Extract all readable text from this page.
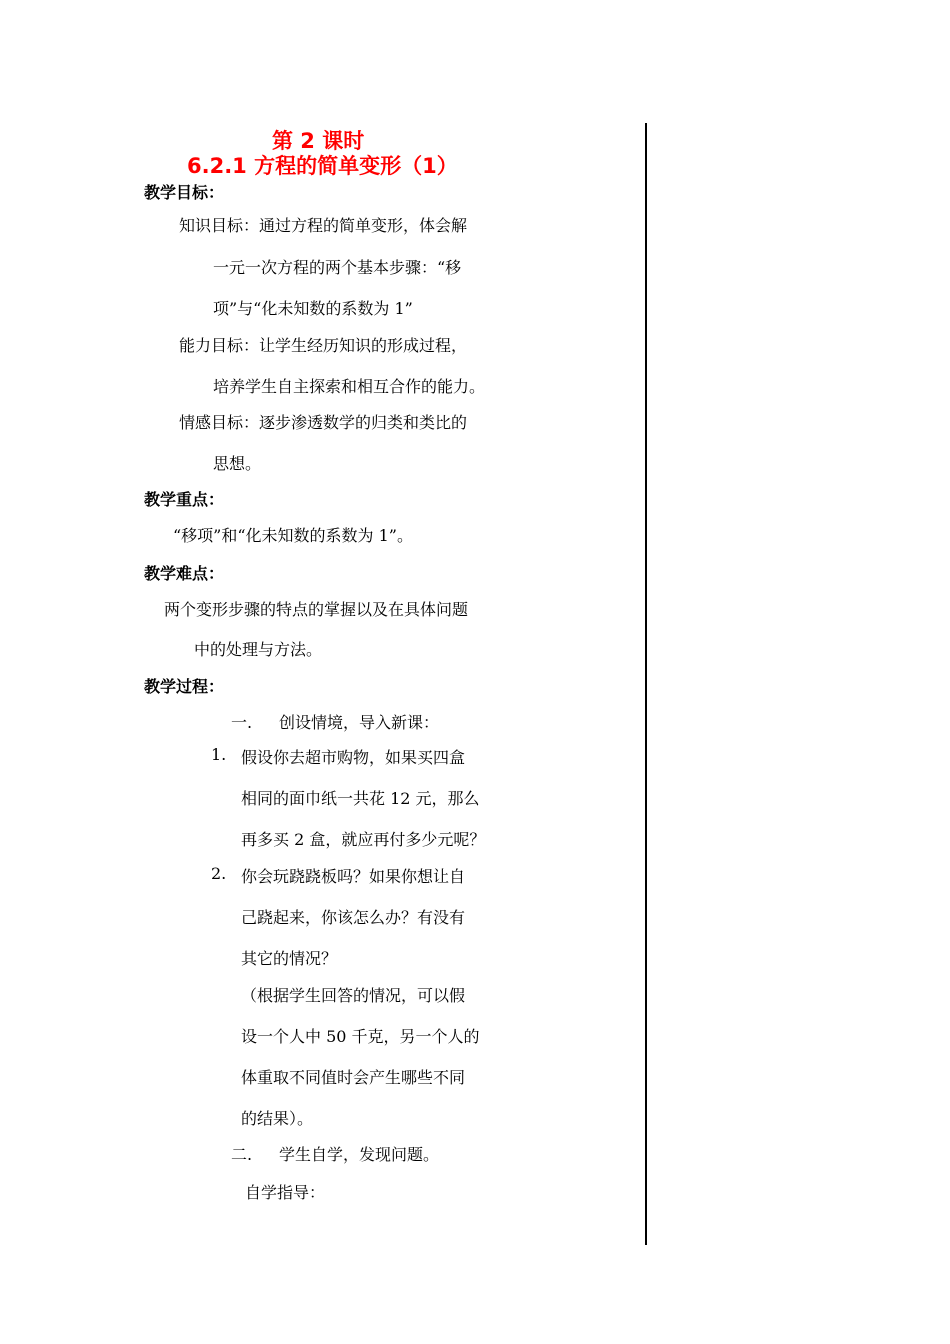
第 2 课时
6.2.1 方程的简单变形（1）
教学目标：
知识目标：通过方程的简单变形，体会解
一元一次方程的两个基本步骤：“移
项”与“化未知数的系数为 1”
能力目标：让学生经历知识的形成过程，
培养学生自主探索和相互合作的能力。
情感目标：逐步渗透数学的归类和类比的
思想。
教学重点：
“移项”和“化未知数的系数为 1”。
教学难点：
两个变形步骤的特点的掌握以及在具体问题
中的处理与方法。
教学过程：
一. 创设情境，导入新课：
1. 假设你去超市购物，如果买四盒
相同的面巾纸一共花 12 元，那么
再多买 2 盒，就应再付多少元呢？
2. 你会玩跷跷板吗？如果你想让自
己跷起来，你该怎么办？有没有
其它的情况？
（根据学生回答的情况，可以假
设一个人中 50 千克，另一个人的
体重取不同值时会产生哪些不同
的结果）。
二. 学生自学，发现问题。
自学指导：
